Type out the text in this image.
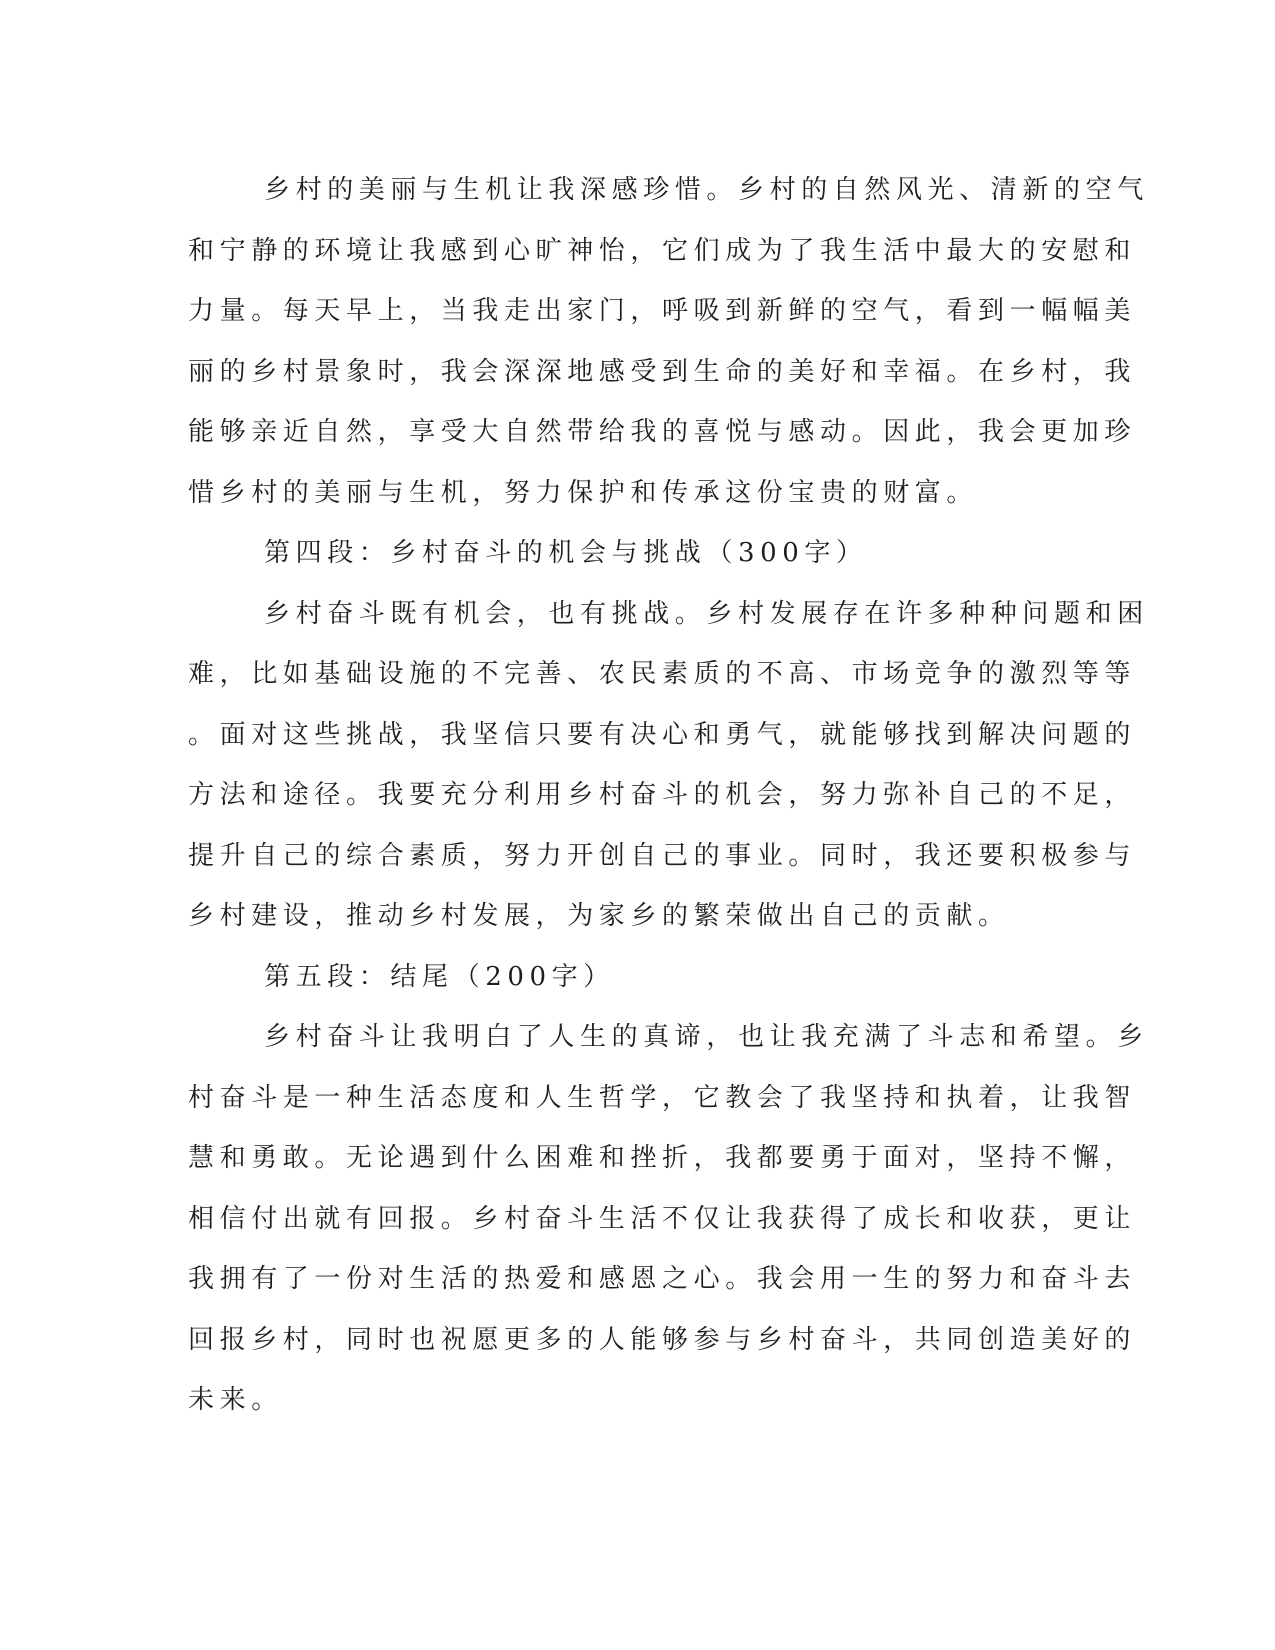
乡村的美丽与生机让我深感珍惜。乡村的自然风光、清新的空气
和宁静的环境让我感到心旷神怡，它们成为了我生活中最大的安慰和
力量。每天早上，当我走出家门，呼吸到新鲜的空气，看到一幅幅美
丽的乡村景象时，我会深深地感受到生命的美好和幸福。在乡村，我
能够亲近自然，享受大自然带给我的喜悦与感动。因此，我会更加珍
惜乡村的美丽与生机，努力保护和传承这份宝贵的财富。
第四段：乡村奋斗的机会与挑战（300字）
乡村奋斗既有机会，也有挑战。乡村发展存在许多种种问题和困
难，比如基础设施的不完善、农民素质的不高、市场竞争的激烈等等
。面对这些挑战，我坚信只要有决心和勇气，就能够找到解决问题的
方法和途径。我要充分利用乡村奋斗的机会，努力弥补自己的不足，
提升自己的综合素质，努力开创自己的事业。同时，我还要积极参与
乡村建设，推动乡村发展，为家乡的繁荣做出自己的贡献。
第五段：结尾（200字）
乡村奋斗让我明白了人生的真谛，也让我充满了斗志和希望。乡
村奋斗是一种生活态度和人生哲学，它教会了我坚持和执着，让我智
慧和勇敢。无论遇到什么困难和挫折，我都要勇于面对，坚持不懈，
相信付出就有回报。乡村奋斗生活不仅让我获得了成长和收获，更让
我拥有了一份对生活的热爱和感恩之心。我会用一生的努力和奋斗去
回报乡村，同时也祝愿更多的人能够参与乡村奋斗，共同创造美好的
未来。
